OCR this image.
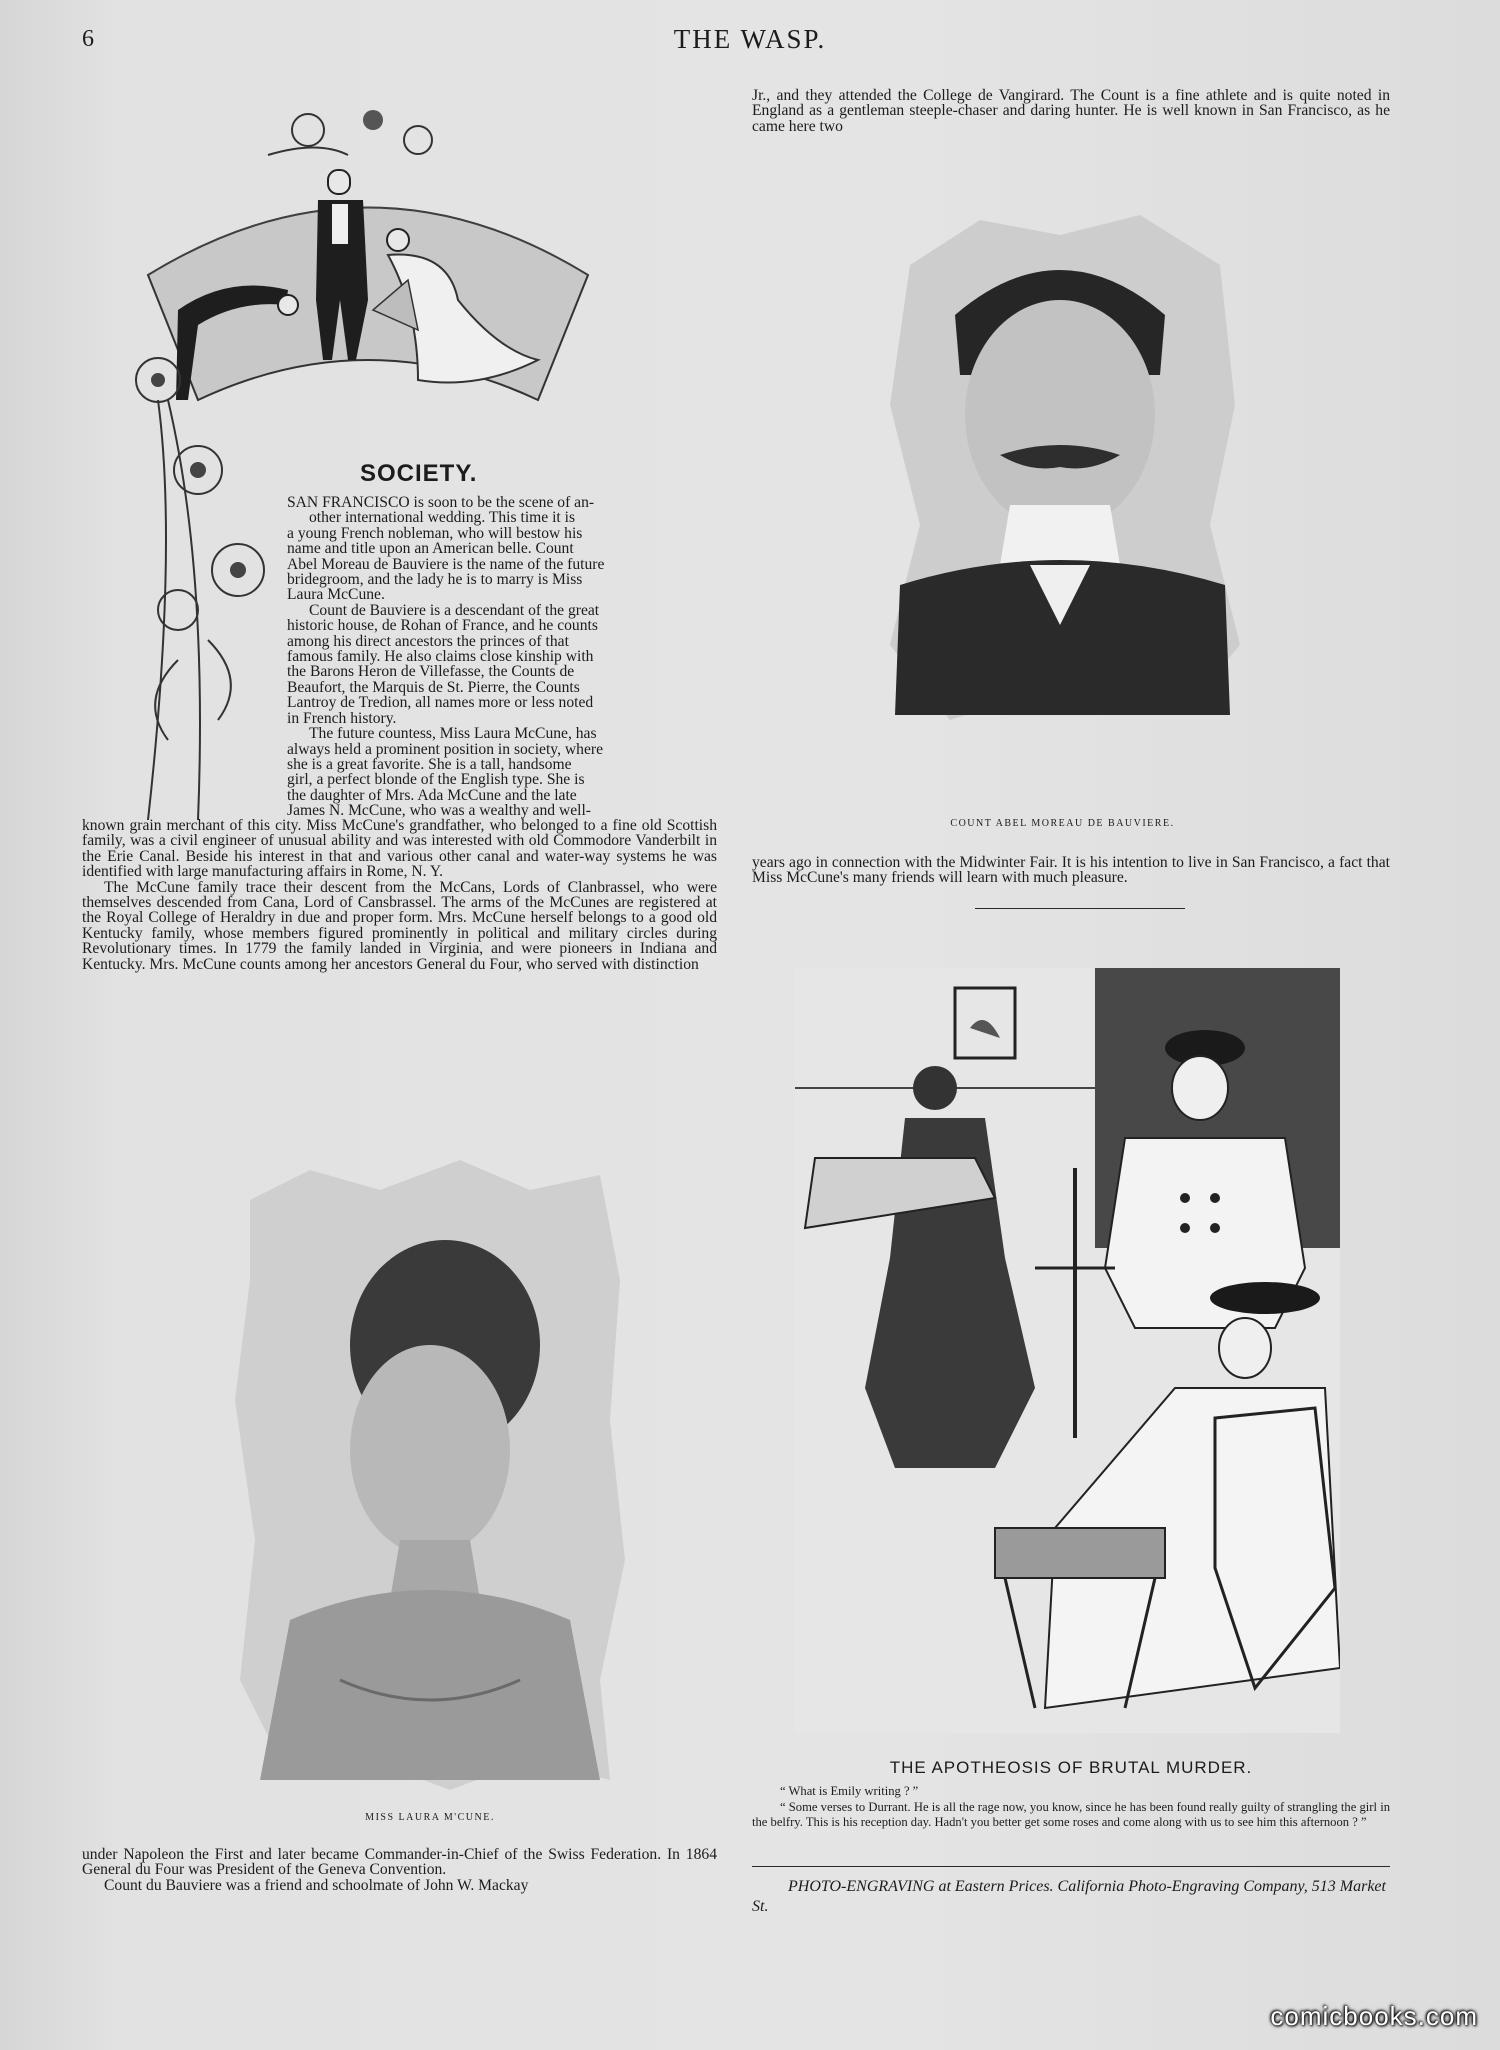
6	THE WASP.
SOCIETY.
SAN FRANCISCO is soon to be the scene of an-
other international wedding. This time it is
a young French nobleman, who will bestow his
name and title upon an American belle. Count
Abel Moreau de Bauviere is the name of the future
bridegroom, and the lady he is to marry is Miss
Laura McCune.
Count de Bauviere is a descendant of the great
historic house, de Rohan of France, and he counts
among his direct ancestors the princes of that
famous family. He also claims close kinship with
the Barons Heron de Villefasse, the Counts de
Beaufort, the Marquis de St. Pierre, the Counts
Lantroy de Tredion, all names more or less noted
in French history.
The future countess, Miss Laura McCune, has
always held a prominent position in society, where
she is a great favorite. She is a tall, handsome
girl, a perfect blonde of the English type. She is
the daughter of Mrs. Ada McCune and the late
James N. McCune, who was a wealthy and well-

known grain merchant of this city. Miss McCune's grandfather, who belonged to a fine old Scottish family, was a civil engineer of unusual ability and was interested with old Commodore Vanderbilt in the Erie Canal. Beside his interest in that and various other canal and water-way systems he was identified with large manufacturing affairs in Rome, N. Y.

The McCune family trace their descent from the McCans, Lords of Clanbrassel, who were themselves descended from Cana, Lord of Cansbrassel. The arms of the McCunes are registered at the Royal College of Heraldry in due and proper form. Mrs. McCune herself belongs to a good old Kentucky family, whose members figured prominently in political and military circles during Revolutionary times. In 1779 the family landed in Virginia, and were pioneers in Indiana and Kentucky. Mrs. McCune counts among her ancestors General du Four, who served with distinction

MISS LAURA M'CUNE.

under Napoleon the First and later became Commander-in-Chief of the Swiss Federation. In 1864 General du Four was President of the Geneva Convention.

Count du Bauviere was a friend and schoolmate of John W. Mackay

Jr., and they attended the College de Vangirard. The Count is a fine athlete and is quite noted in England as a gentleman steeple-chaser and daring hunter. He is well known in San Francisco, as he came here two

COUNT ABEL MOREAU DE BAUVIERE.

years ago in connection with the Midwinter Fair. It is his intention to live in San Francisco, a fact that Miss McCune's many friends will learn with much pleasure.

THE APOTHEOSIS OF BRUTAL MURDER.

“ What is Emily writing ? ”

“ Some verses to Durrant. He is all the rage now, you know, since he has been found really guilty of strangling the girl in the belfry. This is his reception day. Hadn't you better get some roses and come along with us to see him this afternoon ? ”

PHOTO-ENGRAVING at Eastern Prices. California Photo-Engraving Company, 513 Market St.
comicbooks.com
